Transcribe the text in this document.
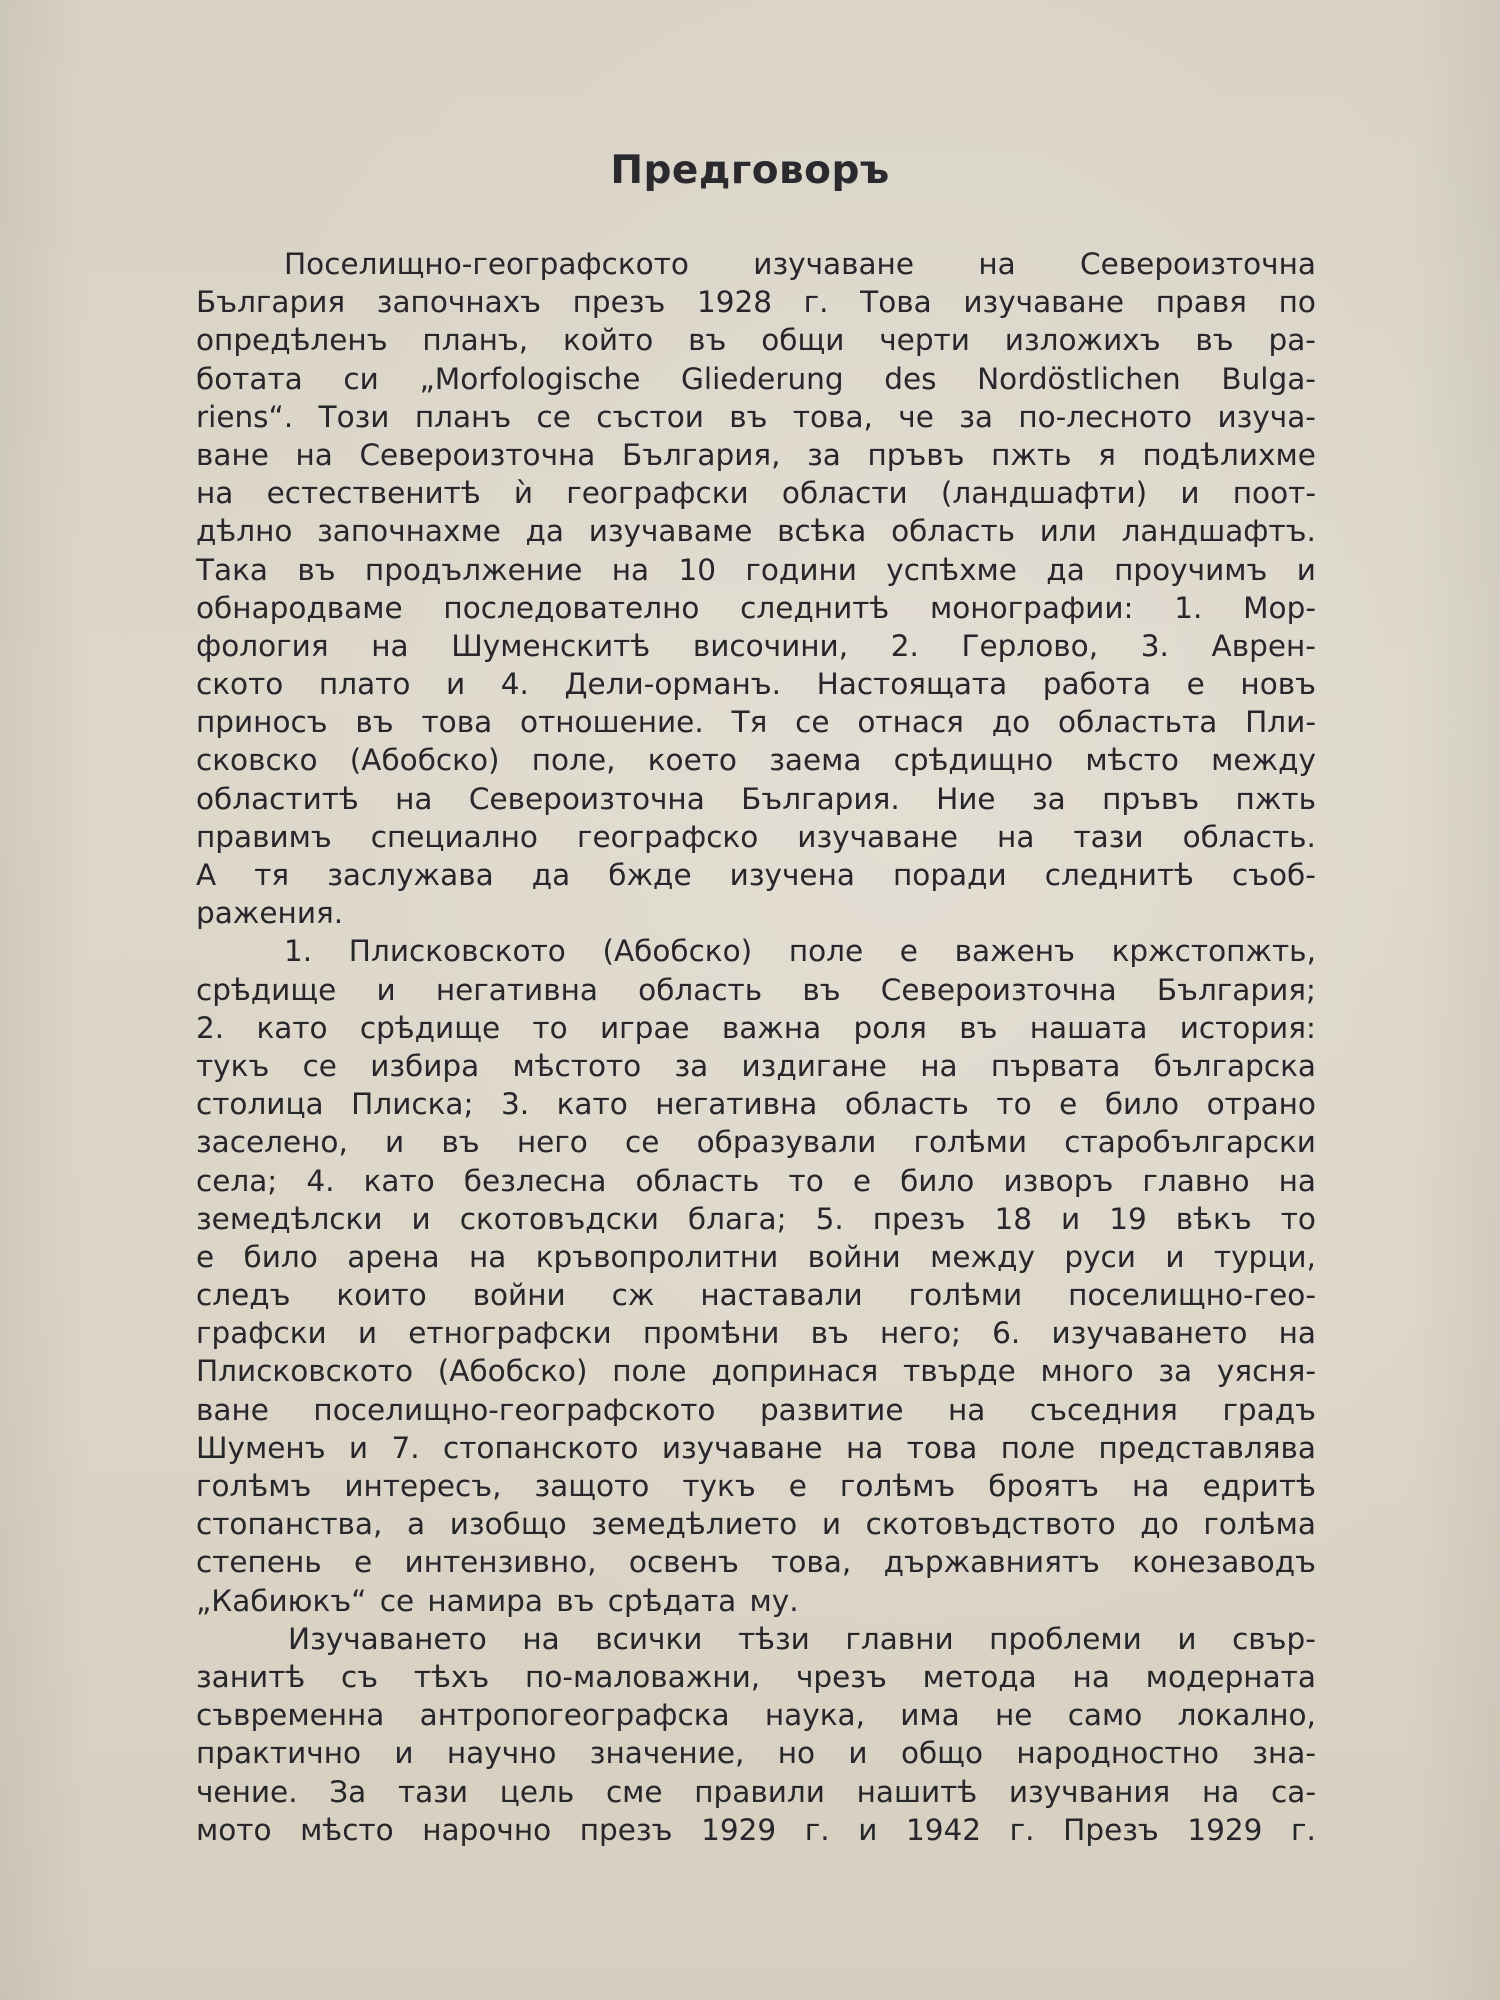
Предговоръ
Поселищно-географското изучаване на Североизточна
България започнахъ презъ 1928 г. Това изучаване правя по
опредѣленъ планъ, който въ общи черти изложихъ въ ра-
ботата си „Morfologische Gliederung des Nordöstlichen Bulga-
riens“. Този планъ се състои въ това, че за по-лесното изуча-
ване на Североизточна България, за пръвъ пжть я подѣлихме
на естественитѣ ѝ географски области (ландшафти) и поот-
дѣлно започнахме да изучаваме всѣка область или ландшафтъ.
Така въ продължение на 10 години успѣхме да проучимъ и
обнародваме последователно следнитѣ монографии: 1. Мор-
фология на Шуменскитѣ височини, 2. Герлово, 3. Аврен-
ското плато и 4. Дели-орманъ. Настоящата работа е новъ
приносъ въ това отношение. Тя се отнася до областьта Пли-
сковско (Абобско) поле, което заема срѣдищно мѣсто между
областитѣ на Североизточна България. Ние за пръвъ пжть
правимъ специално географско изучаване на тази область.
А тя заслужава да бжде изучена поради следнитѣ съоб-
ражения.
1. Плисковското (Абобско) поле е важенъ кржстопжть,
срѣдище и негативна область въ Североизточна България;
2. като срѣдище то играе важна роля въ нашата история:
тукъ се избира мѣстото за издигане на първата българска
столица Плиска; 3. като негативна область то е било отрано
заселено, и въ него се образували голѣми старобългарски
села; 4. като безлесна область то е било изворъ главно на
земедѣлски и скотовъдски блага; 5. презъ 18 и 19 вѣкъ то
е било арена на кръвопролитни войни между руси и турци,
следъ които войни сж наставали голѣми поселищно-гео-
графски и етнографски промѣни въ него; 6. изучаването на
Плисковското (Абобско) поле допринася твърде много за уясня-
ване поселищно-географското развитие на съседния градъ
Шуменъ и 7. стопанското изучаване на това поле представлява
голѣмъ интересъ, защото тукъ е голѣмъ броятъ на едритѣ
стопанства, а изобщо земедѣлието и скотовъдството до голѣма
степень е интензивно, освенъ това, държавниятъ конезаводъ
„Кабиюкъ“ се намира въ срѣдата му.
Изучаването на всички тѣзи главни проблеми и свър-
занитѣ съ тѣхъ по-маловажни, чрезъ метода на модерната
съвременна антропогеографска наука, има не само локално,
практично и научно значение, но и общо народностно зна-
чение. За тази цель сме правили нашитѣ изучвания на са-
мото мѣсто нарочно презъ 1929 г. и 1942 г. Презъ 1929 г.
